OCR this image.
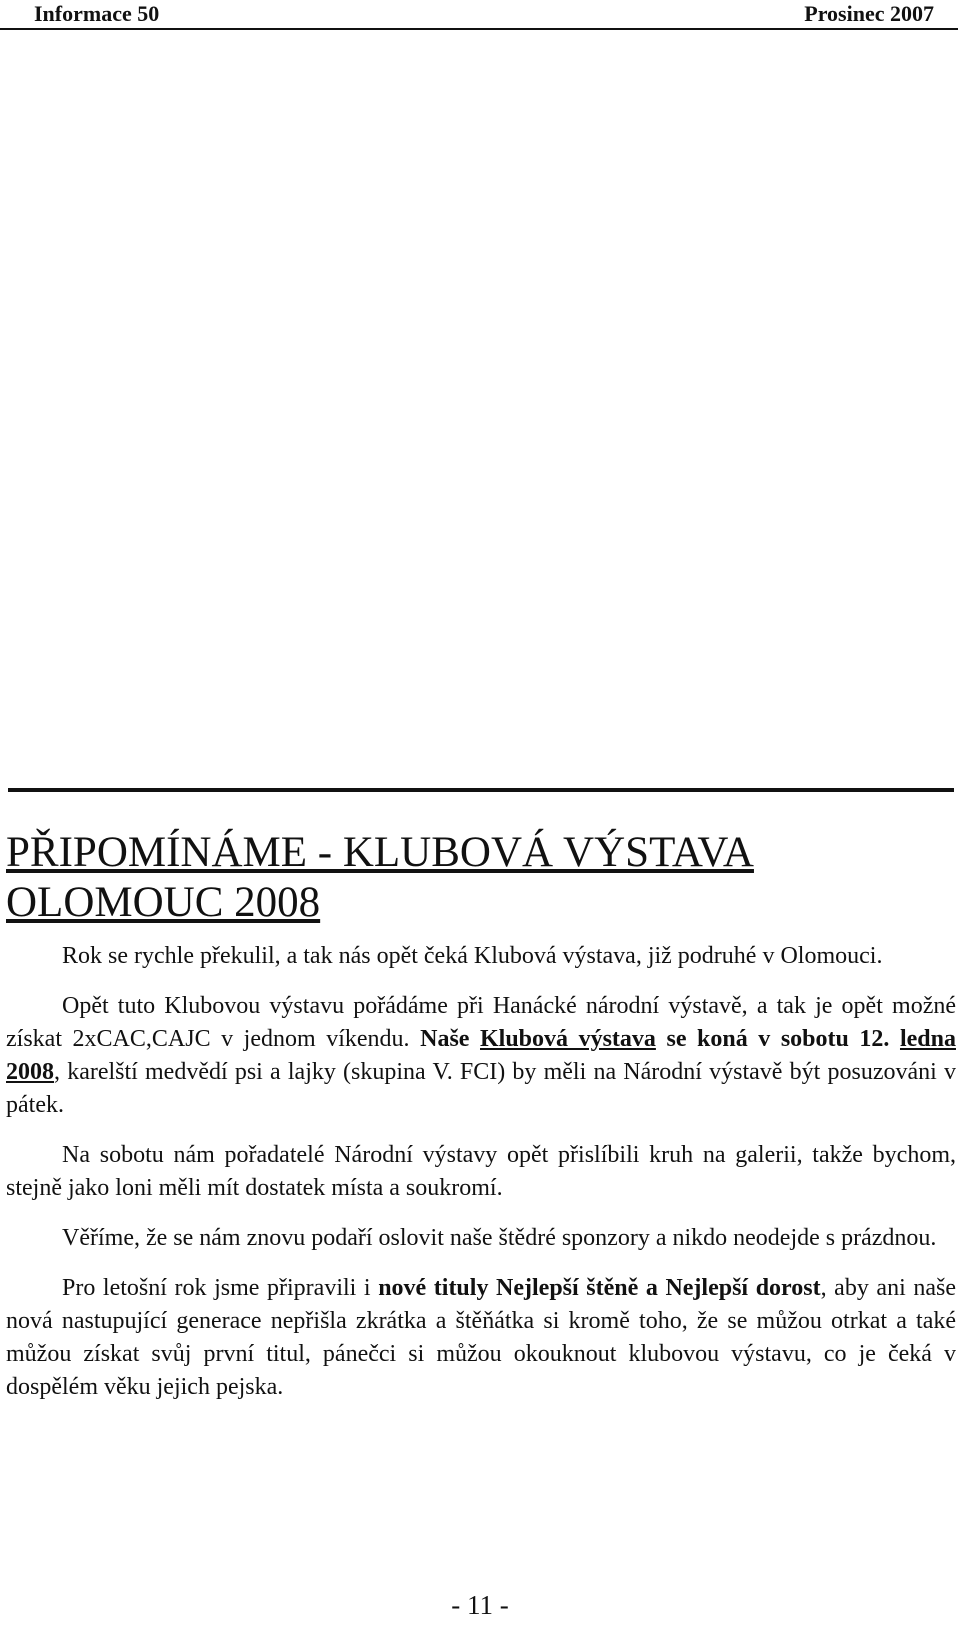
Informace 50	Prosinec 2007
PŘIPOMÍNÁME - KLUBOVÁ VÝSTAVA OLOMOUC 2008

Rok se rychle překulil, a tak nás opět čeká Klubová výstava, již podruhé v Olomouci.

Opět tuto Klubovou výstavu pořádáme při Hanácké národní výstavě, a tak je opět možné získat 2xCAC,CAJC v jednom víkendu. Naše Klubová výstava se koná v sobotu 12. ledna 2008, karelští medvědí psi a lajky (skupina V. FCI) by měli na Národní výstavě být posuzováni v pátek.

Na sobotu nám pořadatelé Národní výstavy opět přislíbili kruh na galerii, takže bychom, stejně jako loni měli mít dostatek místa a soukromí.

Věříme, že se nám znovu podaří oslovit naše štědré sponzory a nikdo neodejde s prázdnou.

Pro letošní rok jsme připravili i nové tituly Nejlepší štěně a Nejlepší dorost, aby ani naše nová nastupující generace nepřišla zkrátka a štěňátka si kromě toho, že se můžou otrkat a také můžou získat svůj první titul, pánečci si můžou okouknout klubovou výstavu, co je čeká v dospělém věku jejich pejska.

- 11 -
